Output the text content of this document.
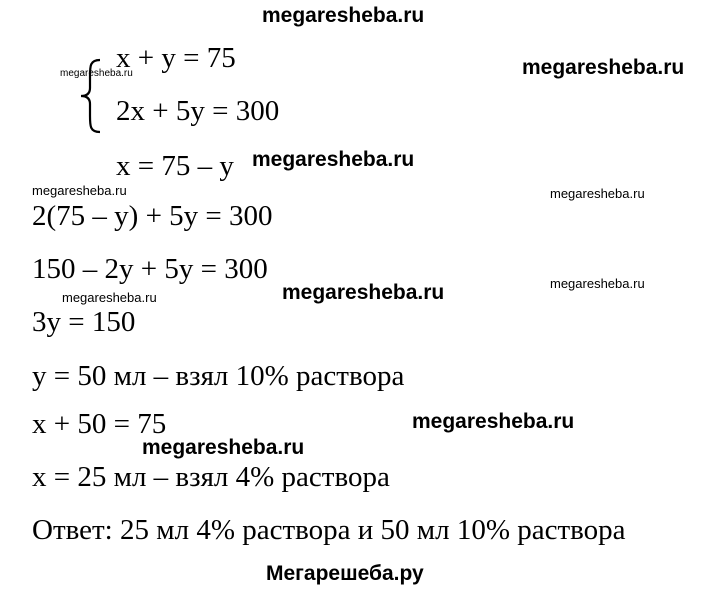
megaresheba.ru
megaresheba.ru
megaresheba.ru
megaresheba.ru
megaresheba.ru	megaresheba.ru
megaresheba.ru
megaresheba.ru	megaresheba.ru
megaresheba.ru
megaresheba.ru
Мегарешеба.ру
x + y = 75
2x + 5y = 300
x = 75 – y
2(75 – y) + 5y = 300
150 – 2y + 5y = 300
3y = 150
y = 50 мл – взял 10% раствора
x + 50 = 75
x = 25 мл – взял 4% раствора
Ответ: 25 мл 4% раствора и 50 мл 10% раствора
